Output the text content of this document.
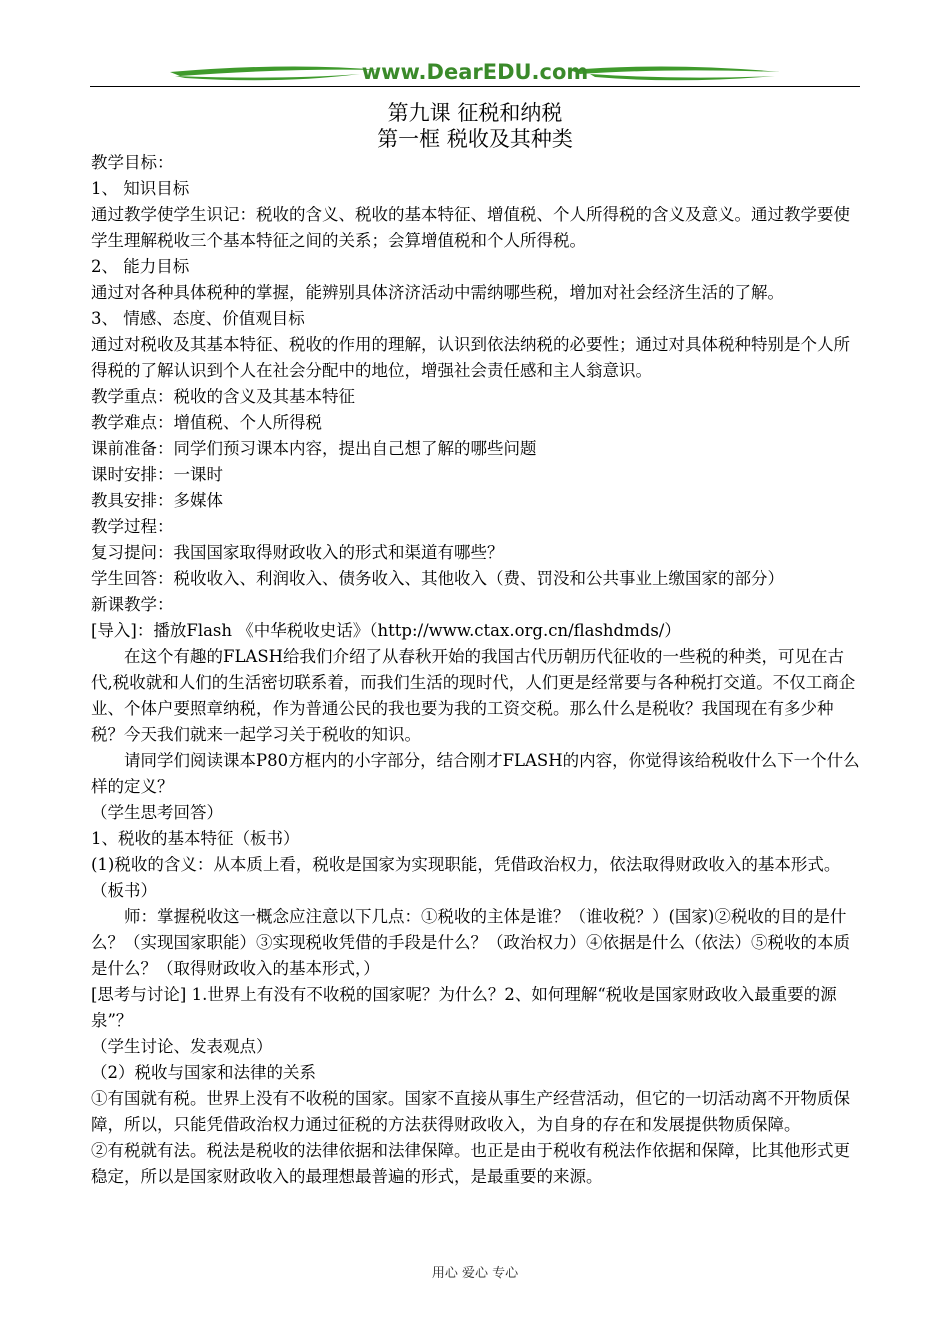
www.DearEDU.com
第九课 征税和纳税
第一框 税收及其种类

教学目标：

1、 知识目标

通过教学使学生识记：税收的含义、税收的基本特征、增值税、个人所得税的含义及意义。通过教学要使学生理解税收三个基本特征之间的关系；会算增值税和个人所得税。

2、 能力目标

通过对各种具体税种的掌握，能辨别具体济济活动中需纳哪些税，增加对社会经济生活的了解。

3、 情感、态度、价值观目标

通过对税收及其基本特征、税收的作用的理解，认识到依法纳税的必要性；通过对具体税种特别是个人所得税的了解认识到个人在社会分配中的地位，增强社会责任感和主人翁意识。

教学重点：税收的含义及其基本特征

教学难点：增值税、个人所得税

课前准备：同学们预习课本内容，提出自己想了解的哪些问题

课时安排：一课时

教具安排：多媒体

教学过程：

复习提问：我国国家取得财政收入的形式和渠道有哪些？

学生回答：税收收入、利润收入、债务收入、其他收入（费、罚没和公共事业上缴国家的部分）

新课教学：

[导入]：播放Flash 《中华税收史话》（http://www.ctax.org.cn/flashdmds/）

在这个有趣的FLASH给我们介绍了从春秋开始的我国古代历朝历代征收的一些税的种类，可见在古代,税收就和人们的生活密切联系着，而我们生活的现时代，人们更是经常要与各种税打交道。不仅工商企业、个体户要照章纳税，作为普通公民的我也要为我的工资交税。那么什么是税收？我国现在有多少种税？今天我们就来一起学习关于税收的知识。

请同学们阅读课本P80方框内的小字部分，结合刚才FLASH的内容，你觉得该给税收什么下一个什么样的定义？

（学生思考回答）

1、税收的基本特征（板书）

(1)税收的含义：从本质上看，税收是国家为实现职能，凭借政治权力，依法取得财政收入的基本形式。（板书）

师：掌握税收这一概念应注意以下几点：①税收的主体是谁？（谁收税？）(国家)②税收的目的是什么？（实现国家职能）③实现税收凭借的手段是什么？（政治权力）④依据是什么（依法）⑤税收的本质是什么？（取得财政收入的基本形式，）

[思考与讨论] 1.世界上有没有不收税的国家呢？为什么？2、如何理解“税收是国家财政收入最重要的源泉”？

（学生讨论、发表观点）

（2）税收与国家和法律的关系

①有国就有税。世界上没有不收税的国家。国家不直接从事生产经营活动，但它的一切活动离不开物质保障，所以，只能凭借政治权力通过征税的方法获得财政收入，为自身的存在和发展提供物质保障。

②有税就有法。税法是税收的法律依据和法律保障。也正是由于税收有税法作依据和保障，比其他形式更稳定，所以是国家财政收入的最理想最普遍的形式，是最重要的来源。

用心 爱心 专心
